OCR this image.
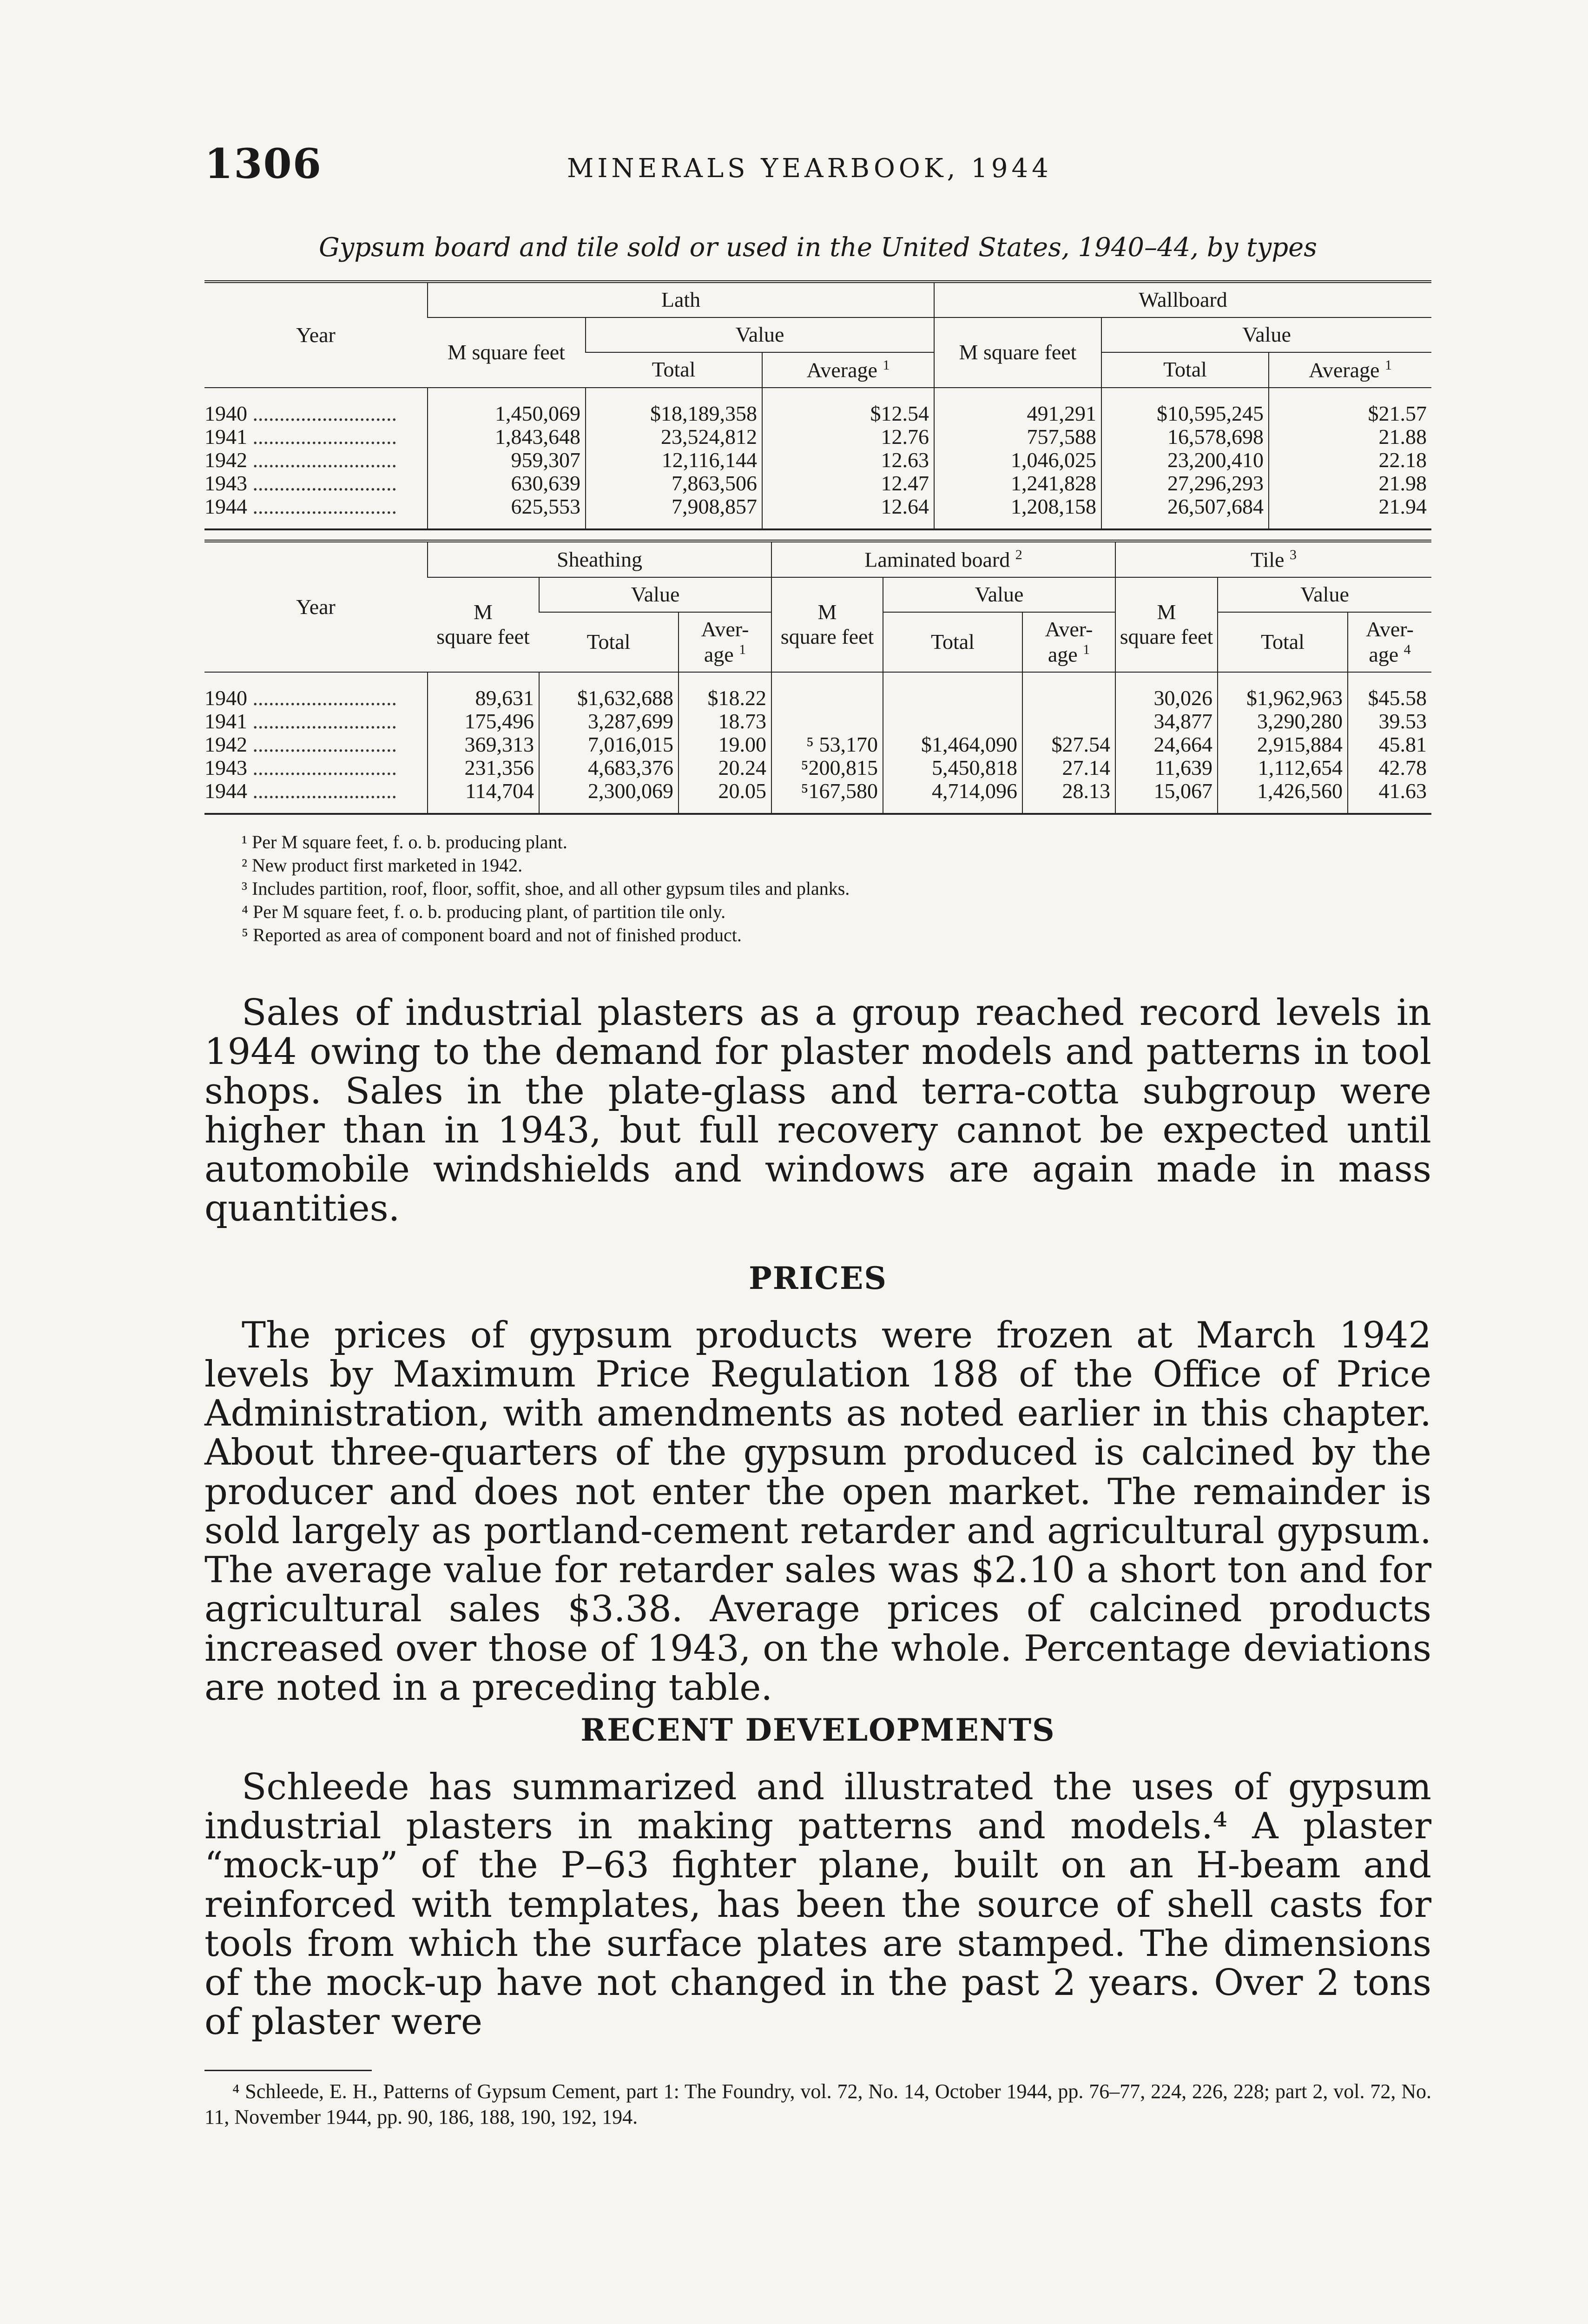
1306	MINERALS YEARBOOK, 1944
Gypsum board and tile sold or used in the United States, 1940–44, by types
Year	Lath			Wallboard		
	M square feet	Value		M square feet	Value	
		Total	Average $^1$		Total	Average $^1$
1940 .....	1,450,069	$18,189,358	$12.54	491,291	$10,595,245	$21.57
1941 .....	1,843,648	23,524,812	12.76	757,588	16,578,698	21.88
1942 .....	959,307	12,116,144	12.63	1,046,025	23,200,410	22.18
1943 .....	630,639	7,863,506	12.47	1,241,828	27,296,293	21.98
1944 .....	625,553	7,908,857	12.64	1,208,158	26,507,684	21.94
Year	Sheathing			Laminated board $^2$			Tile $^3$
	M
square feet	Value		M
square feet	Value		M
square feet	Value	
		Total	Aver-
age $^1$		Total	Aver-
age $^1$		Total	Aver-
age $^4$
1940 .....	89,631	$1,632,688	$18.22				30,026	$1,962,963	$45.58
1941 .....	175,496	3,287,699	18.73				34,877	3,290,280	39.53
1942 .....	369,313	7,016,015	19.00	⁵ 53,170	$1,464,090	$27.54	24,664	2,915,884	45.81
1943 .....	231,356	4,683,376	20.24	⁵200,815	5,450,818	27.14	11,639	1,112,654	42.78
1944 .....	114,704	2,300,069	20.05	⁵167,580	4,714,096	28.13	15,067	1,426,560	41.63
¹ Per M square feet, f. o. b. producing plant.
² New product first marketed in 1942.
³ Includes partition, roof, floor, soffit, shoe, and all other gypsum tiles and planks.
⁴ Per M square feet, f. o. b. producing plant, of partition tile only.
⁵ Reported as area of component board and not of finished product.

Sales of industrial plasters as a group reached record levels in 1944 owing to the demand for plaster models and patterns in tool shops. Sales in the plate-glass and terra-cotta subgroup were higher than in 1943, but full recovery cannot be expected until automobile windshields and windows are again made in mass quantities.

PRICES

The prices of gypsum products were frozen at March 1942 levels by Maximum Price Regulation 188 of the Office of Price Administration, with amendments as noted earlier in this chapter. About three-quarters of the gypsum produced is calcined by the producer and does not enter the open market. The remainder is sold largely as portland-cement retarder and agricultural gypsum. The average value for retarder sales was $2.10 a short ton and for agricultural sales $3.38. Average prices of calcined products increased over those of 1943, on the whole. Percentage deviations are noted in a preceding table.

RECENT DEVELOPMENTS

Schleede has summarized and illustrated the uses of gypsum industrial plasters in making patterns and models.⁴ A plaster “mock-up” of the P–63 fighter plane, built on an H-beam and reinforced with templates, has been the source of shell casts for tools from which the surface plates are stamped. The dimensions of the mock-up have not changed in the past 2 years. Over 2 tons of plaster were

⁴ Schleede, E. H., Patterns of Gypsum Cement, part 1: The Foundry, vol. 72, No. 14, October 1944, pp. 76–77, 224, 226, 228; part 2, vol. 72, No. 11, November 1944, pp. 90, 186, 188, 190, 192, 194.
